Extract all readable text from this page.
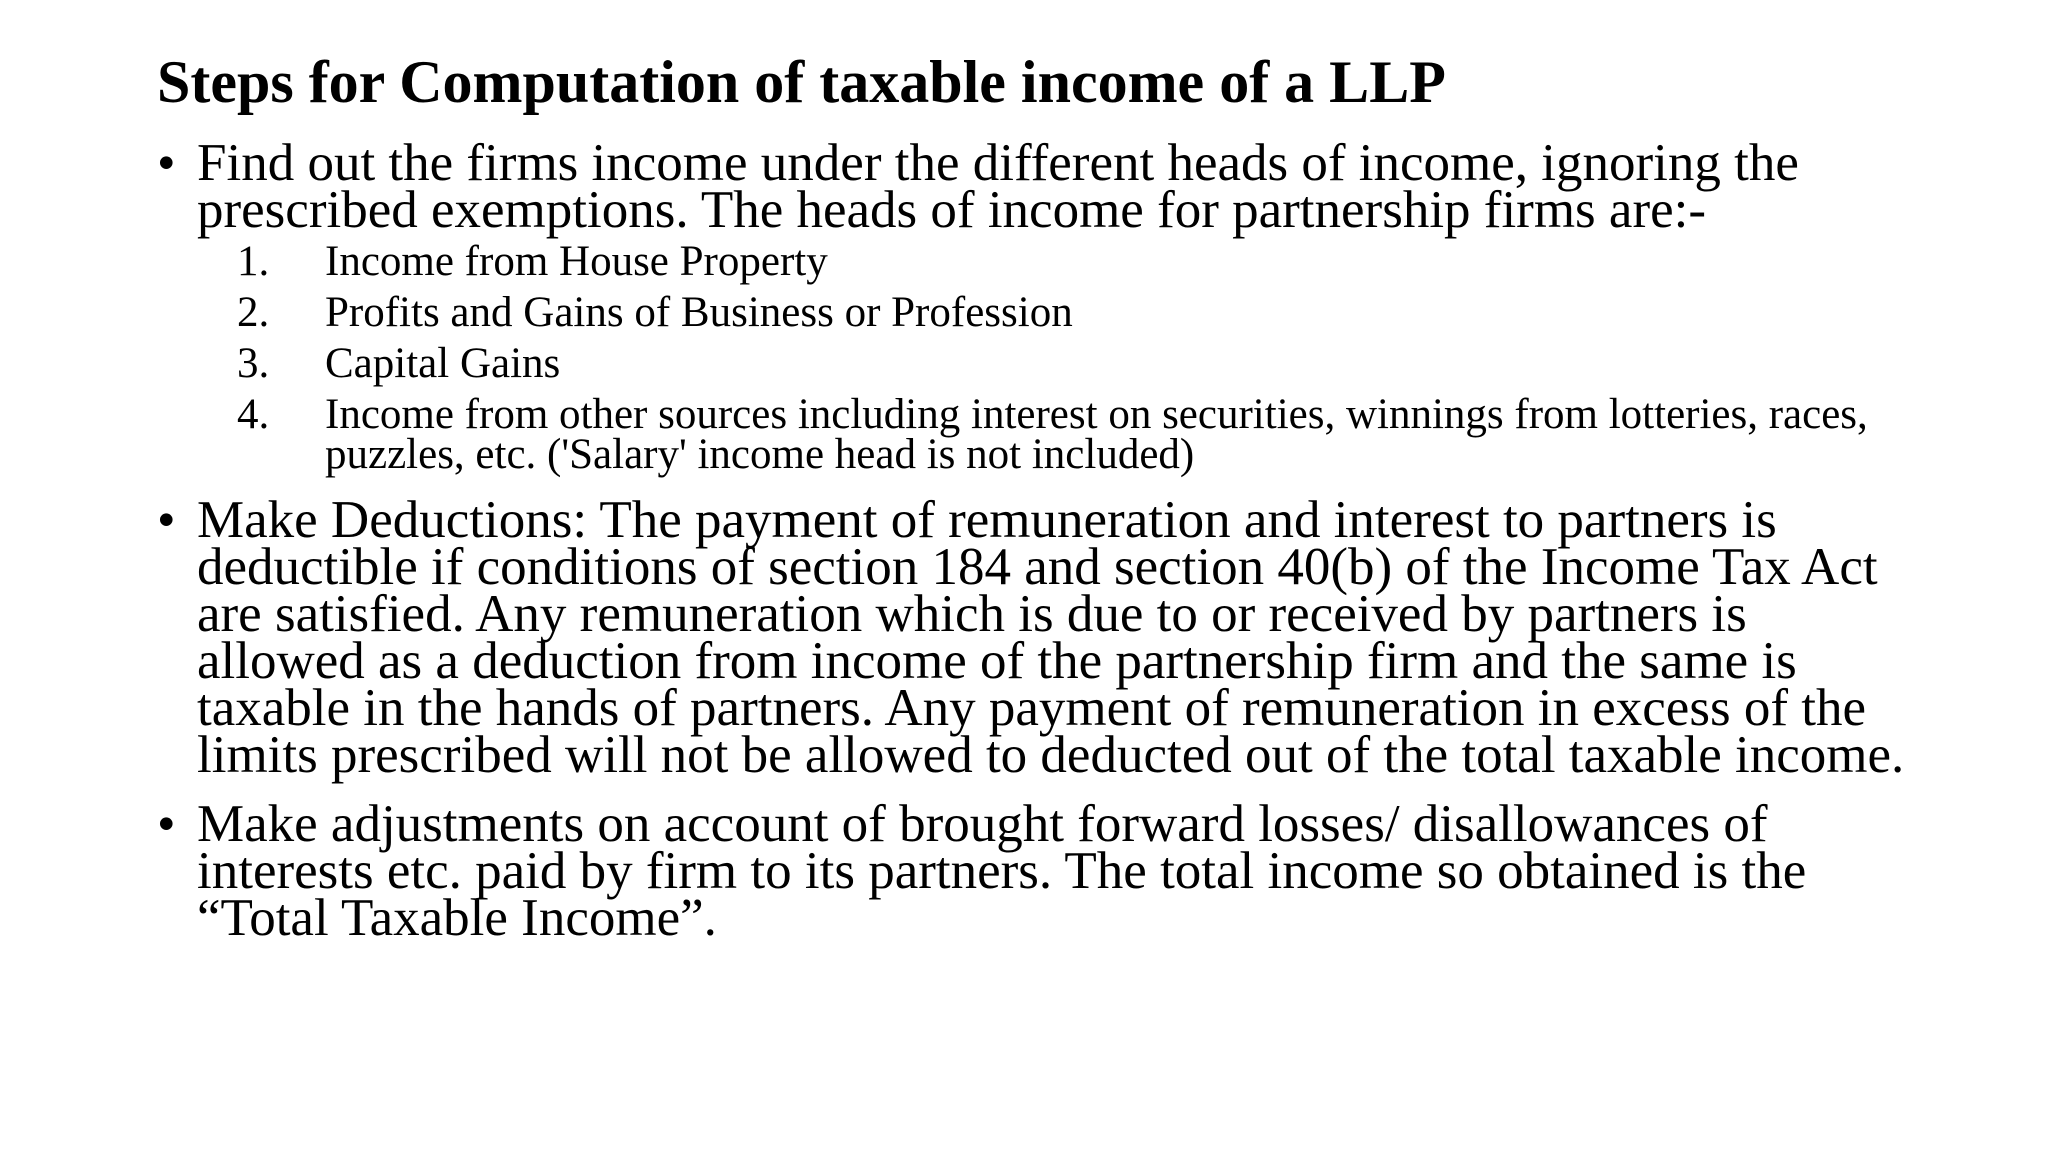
Steps for Computation of taxable income of a LLP
• Find out the firms income under the different heads of income, ignoring the prescribed exemptions. The heads of income for partnership firms are:-
1. Income from House Property
2. Profits and Gains of Business or Profession
3. Capital Gains
4. Income from other sources including interest on securities, winnings from lotteries, races, puzzles, etc. ('Salary' income head is not included)
• Make Deductions: The payment of remuneration and interest to partners is deductible if conditions of section 184 and section 40(b) of the Income Tax Act are satisfied. Any remuneration which is due to or received by partners is allowed as a deduction from income of the partnership firm and the same is taxable in the hands of partners. Any payment of remuneration in excess of the limits prescribed will not be allowed to deducted out of the total taxable income.
• Make adjustments on account of brought forward losses/ disallowances of interests etc. paid by firm to its partners. The total income so obtained is the “Total Taxable Income”.
